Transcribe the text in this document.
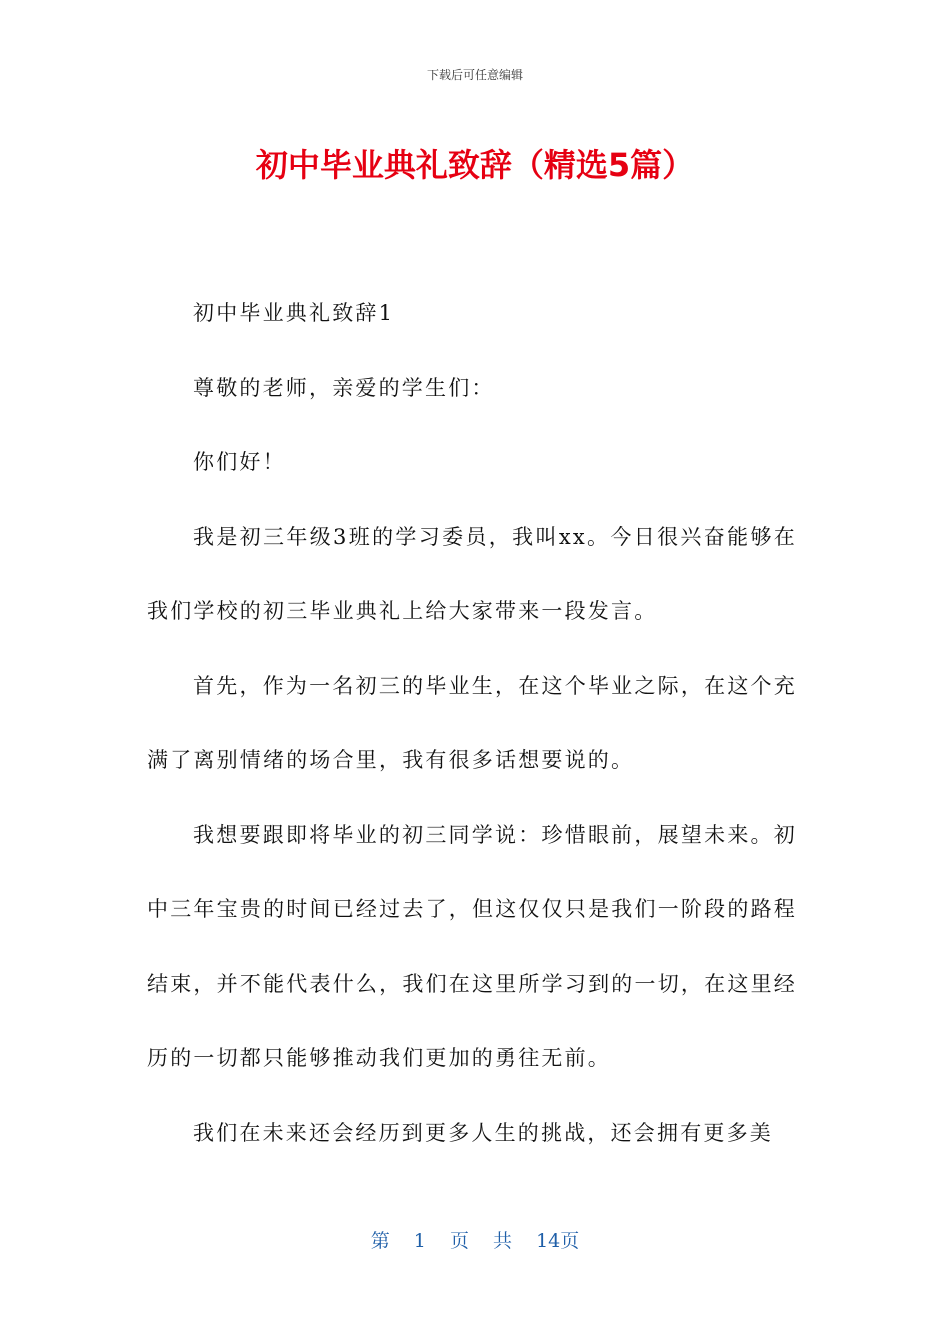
下载后可任意编辑
初中毕业典礼致辞（精选5篇）

初中毕业典礼致辞1

尊敬的老师，亲爱的学生们：

你们好！

我是初三年级3班的学习委员，我叫xx。今日很兴奋能够在我们学校的初三毕业典礼上给大家带来一段发言。

首先，作为一名初三的毕业生，在这个毕业之际，在这个充满了离别情绪的场合里，我有很多话想要说的。

我想要跟即将毕业的初三同学说：珍惜眼前，展望未来。初中三年宝贵的时间已经过去了，但这仅仅只是我们一阶段的路程结束，并不能代表什么，我们在这里所学习到的一切，在这里经历的一切都只能够推动我们更加的勇往无前。

我们在未来还会经历到更多人生的挑战，还会拥有更多美

第 1 页 共 14页
